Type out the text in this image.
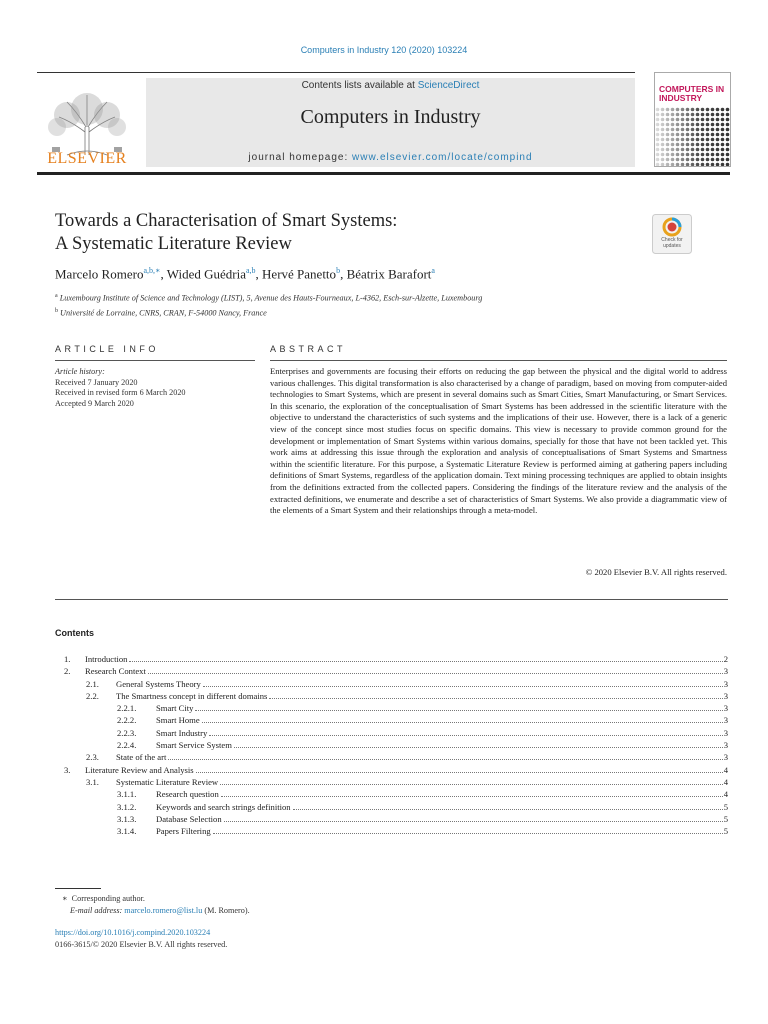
Computers in Industry 120 (2020) 103224
Contents lists available at ScienceDirect
Computers in Industry
journal homepage: www.elsevier.com/locate/compind
ELSEVIER
COMPUTERS IN INDUSTRY
Towards a Characterisation of Smart Systems:
A Systematic Literature Review	Check for updates
Marcelo Romero$^{a,b,∗}$, Wided Guédria$^{a,b}$, Hervé Panetto$^b$, Béatrix Barafort$^a$
$^a$ Luxembourg Institute of Science and Technology (LIST), 5, Avenue des Hauts-Fourneaux, L-4362, Esch-sur-Alzette, Luxembourg
$^b$ Université de Lorraine, CNRS, CRAN, F-54000 Nancy, France
ARTICLE INFO	ABSTRACT
Article history:
Received 7 January 2020
Received in revised form 6 March 2020
Accepted 9 March 2020
Enterprises and governments are focusing their efforts on reducing the gap between the physical and the digital world to address various challenges. This digital transformation is also characterised by a change of paradigm, based on moving from computer-aided technologies to Smart Systems, which are present in several domains such as Smart Cities, Smart Manufacturing, or Smart Services. In this scenario, the exploration of the conceptualisation of Smart Systems has been addressed in the scientific literature with the objective to understand the characteristics of such systems and the implications of their use. However, there is a lack of a generic view of the concept since most studies focus on specific domains. This view is necessary to provide common ground for the development or implementation of Smart Systems within various domains, specially for those that have not been tackled yet. This work aims at addressing this issue through the exploration and analysis of conceptualisations of Smart Systems and Smartness within the scientific literature. For this purpose, a Systematic Literature Review is performed aiming at gathering papers including definitions of Smart Systems, regardless of the application domain. Text mining processing techniques are applied to obtain insights from the definitions extracted from the collected papers. Considering the findings of the literature review and the analysis of the extracted definitions, we enumerate and describe a set of characteristics of Smart Systems. We also provide a diagrammatic view of the elements of a Smart System and their relationships through a meta-model.
© 2020 Elsevier B.V. All rights reserved.
Contents
1. Introduction	2
2. Research Context	3
2.1. General Systems Theory	3
2.2. The Smartness concept in different domains	3
2.2.1. Smart City	3
2.2.2. Smart Home	3
2.2.3. Smart Industry	3
2.2.4. Smart Service System	3
2.3. State of the art	3
3. Literature Review and Analysis	4
3.1. Systematic Literature Review	4
3.1.1. Research question	4
3.1.2. Keywords and search strings definition	5
3.1.3. Database Selection	5
3.1.4. Papers Filtering	5
∗ Corresponding author.
E-mail address: marcelo.romero@list.lu (M. Romero).
https://doi.org/10.1016/j.compind.2020.103224
0166-3615/© 2020 Elsevier B.V. All rights reserved.
